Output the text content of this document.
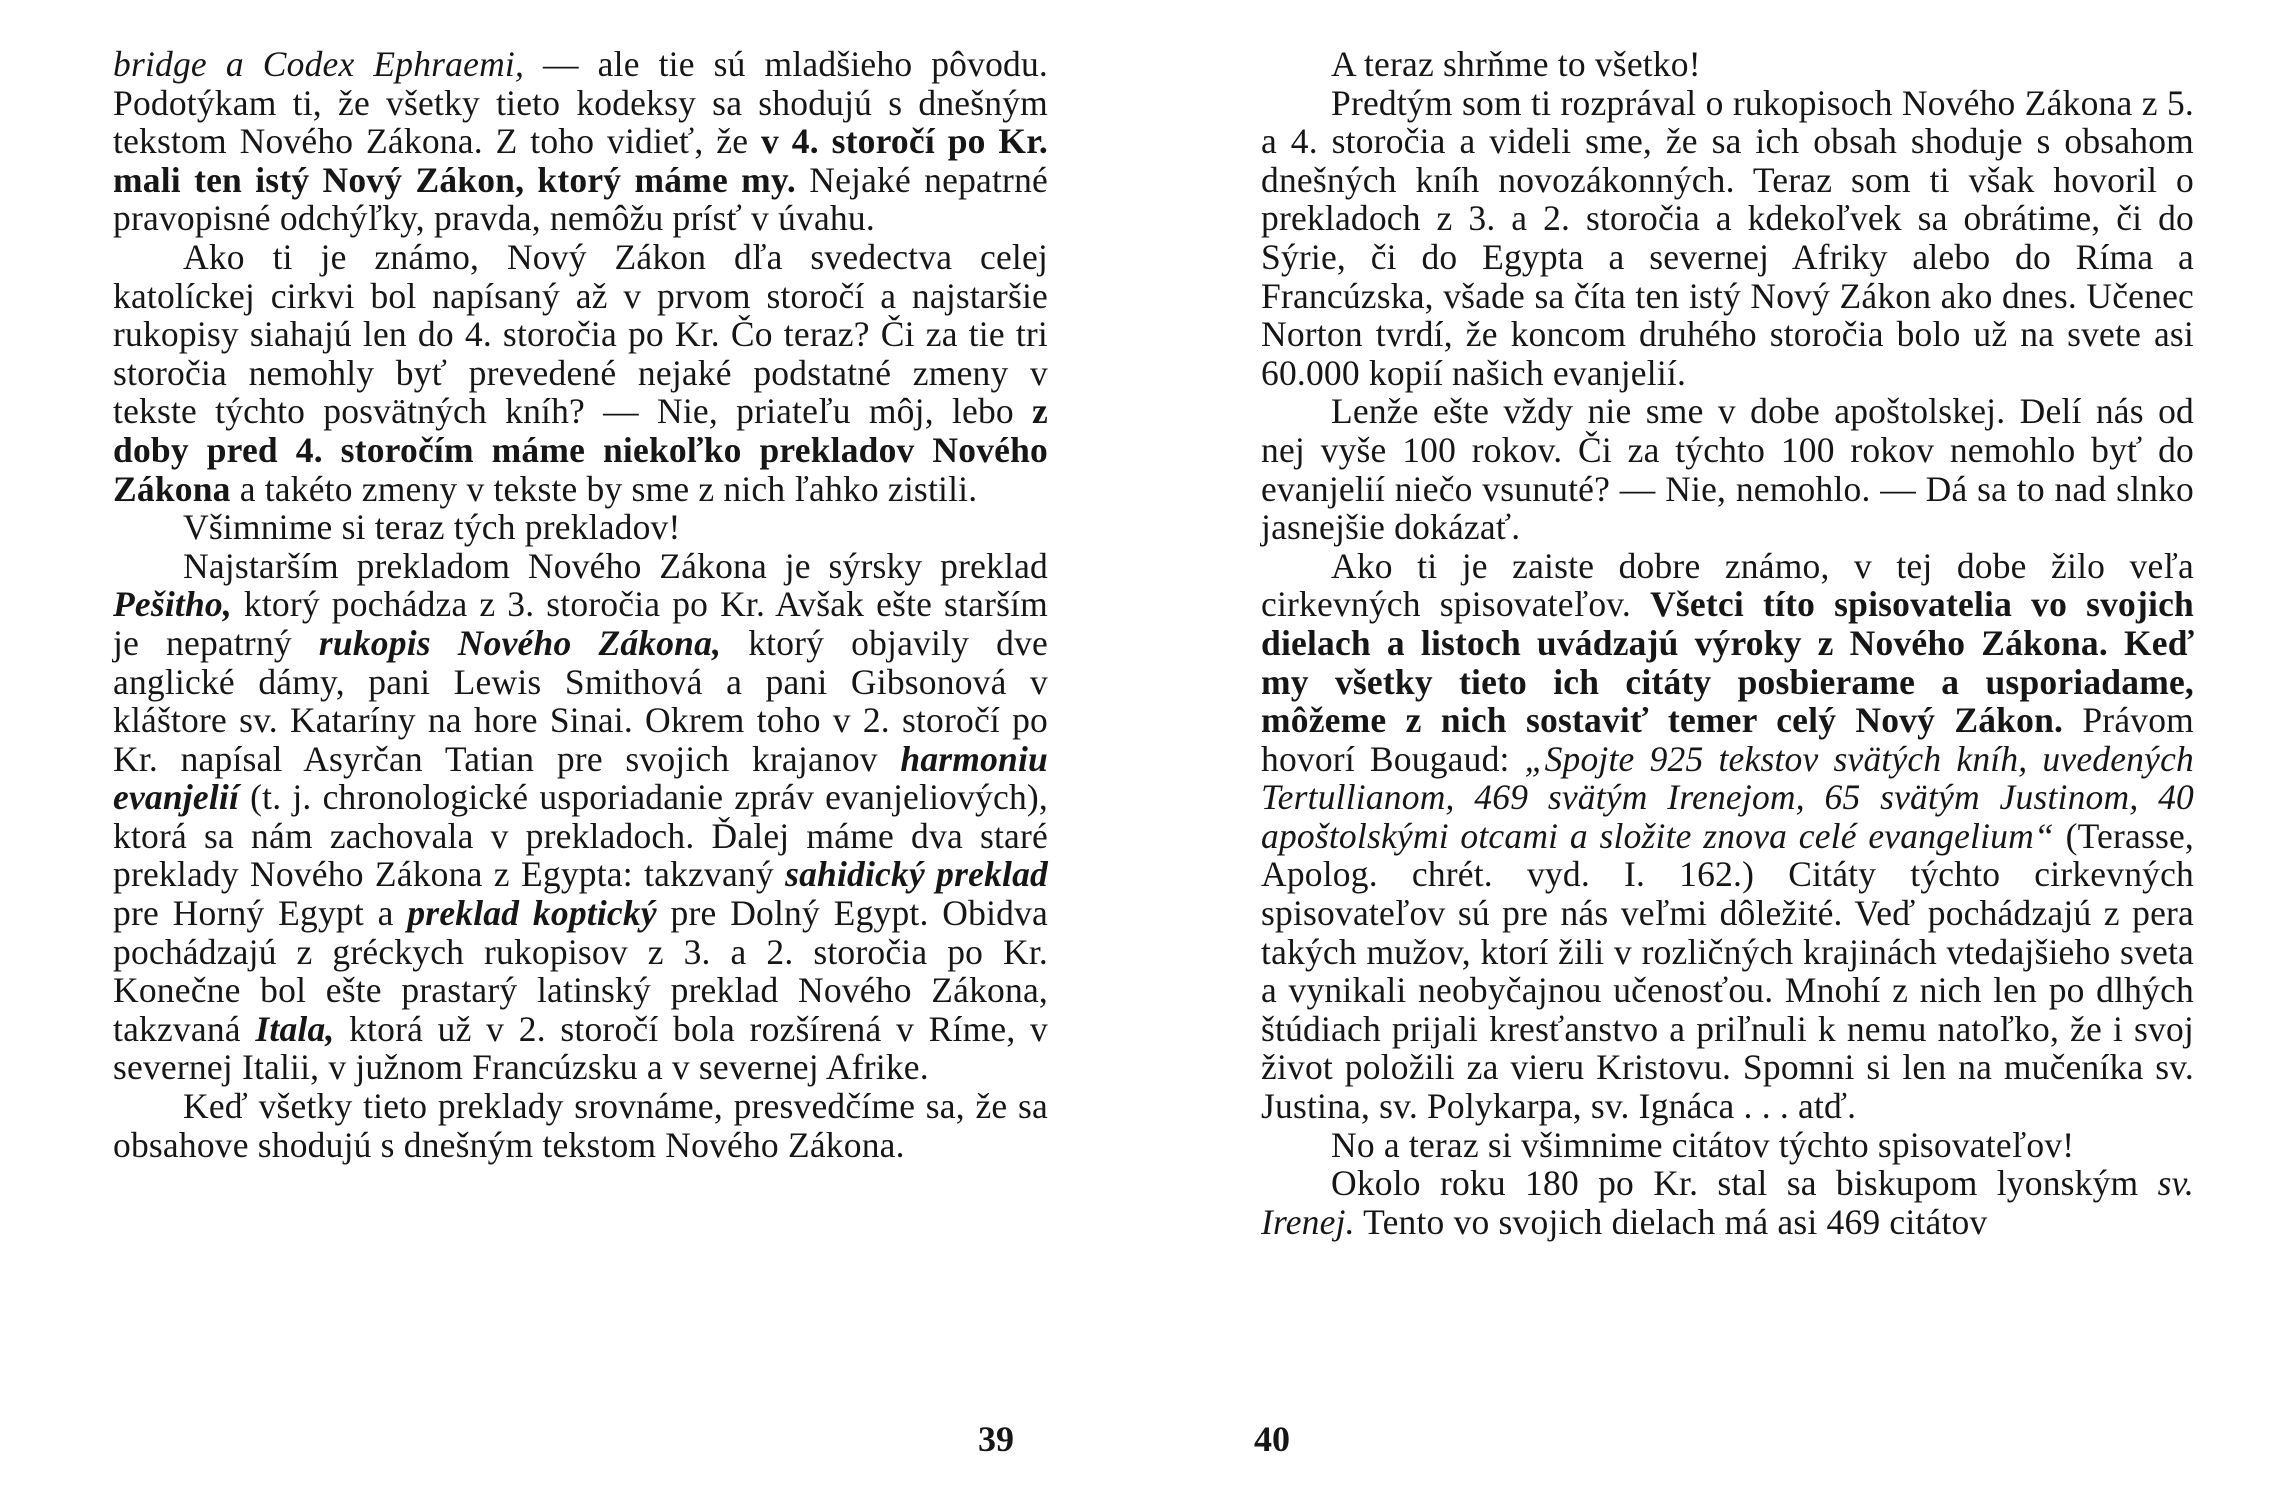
bridge a Codex Ephraemi, — ale tie sú mladšieho pôvodu. Podotýkam ti, že všetky tieto kodeksy sa shodujú s dnešným tekstom Nového Zákona. Z toho vidieť, že v 4. storočí po Kr. mali ten istý Nový Zákon, ktorý máme my. Nejaké nepatrné pravopisné odchýľky, pravda, nemôžu prísť v úvahu.

Ako ti je známo, Nový Zákon dľa svedectva celej katolíckej cirkvi bol napísaný až v prvom storočí a najstaršie rukopisy siahajú len do 4. storočia po Kr. Čo teraz? Či za tie tri storočia nemohly byť prevedené nejaké podstatné zmeny v tekste týchto posvätných kníh? — Nie, priateľu môj, lebo z doby pred 4. storočím máme niekoľko prekladov Nového Zákona a takéto zmeny v tekste by sme z nich ľahko zistili.

Všimnime si teraz tých prekladov!

Najstarším prekladom Nového Zákona je sýrsky preklad Pešitho, ktorý pochádza z 3. storočia po Kr. Avšak ešte starším je nepatrný rukopis Nového Zákona, ktorý objavily dve anglické dámy, pani Lewis Smithová a pani Gibsonová v kláštore sv. Kataríny na hore Sinai. Okrem toho v 2. storočí po Kr. napísal Asyrčan Tatian pre svojich krajanov harmoniu evanjelií (t. j. chronologické usporiadanie zpráv evanjeliových), ktorá sa nám zachovala v prekladoch. Ďalej máme dva staré preklady Nového Zákona z Egypta: takzvaný sahidický preklad pre Horný Egypt a preklad koptický pre Dolný Egypt. Obidva pochádzajú z gréckych rukopisov z 3. a 2. storočia po Kr. Konečne bol ešte prastarý latinský preklad Nového Zákona, takzvaná Itala, ktorá už v 2. storočí bola rozšírená v Ríme, v severnej Italii, v južnom Francúzsku a v severnej Afrike.

Keď všetky tieto preklady srovnáme, presvedčíme sa, že sa obsahove shodujú s dnešným tekstom Nového Zákona.

39

A teraz shrňme to všetko!

Predtým som ti rozprával o rukopisoch Nového Zákona z 5. a 4. storočia a videli sme, že sa ich obsah shoduje s obsahom dnešných kníh novozákonných. Teraz som ti však hovoril o prekladoch z 3. a 2. storočia a kdekoľvek sa obrátime, či do Sýrie, či do Egypta a severnej Afriky alebo do Ríma a Francúzska, všade sa číta ten istý Nový Zákon ako dnes. Učenec Norton tvrdí, že koncom druhého storočia bolo už na svete asi 60.000 kopií našich evanjelií.

Lenže ešte vždy nie sme v dobe apoštolskej. Delí nás od nej vyše 100 rokov. Či za týchto 100 rokov nemohlo byť do evanjelií niečo vsunuté? — Nie, nemohlo. — Dá sa to nad slnko jasnejšie dokázať.

Ako ti je zaiste dobre známo, v tej dobe žilo veľa cirkevných spisovateľov. Všetci títo spisovatelia vo svojich dielach a listoch uvádzajú výroky z Nového Zákona. Keď my všetky tieto ich citáty posbierame a usporiadame, môžeme z nich sostaviť temer celý Nový Zákon. Právom hovorí Bougaud: „Spojte 925 tekstov svätých kníh, uvedených Tertullianom, 469 svätým Irenejom, 65 svätým Justinom, 40 apoštolskými otcami a složite znova celé evangelium“ (Terasse, Apolog. chrét. vyd. I. 162.) Citáty týchto cirkevných spisovateľov sú pre nás veľmi dôležité. Veď pochádzajú z pera takých mužov, ktorí žili v rozličných krajinách vtedajšieho sveta a vynikali neobyčajnou učenosťou. Mnohí z nich len po dlhých štúdiach prijali kresťanstvo a priľnuli k nemu natoľko, že i svoj život položili za vieru Kristovu. Spomni si len na mučeníka sv. Justina, sv. Polykarpa, sv. Ignáca . . . atď.

No a teraz si všimnime citátov týchto spisovateľov!

Okolo roku 180 po Kr. stal sa biskupom lyonským sv. Irenej. Tento vo svojich dielach má asi 469 citátov

40
